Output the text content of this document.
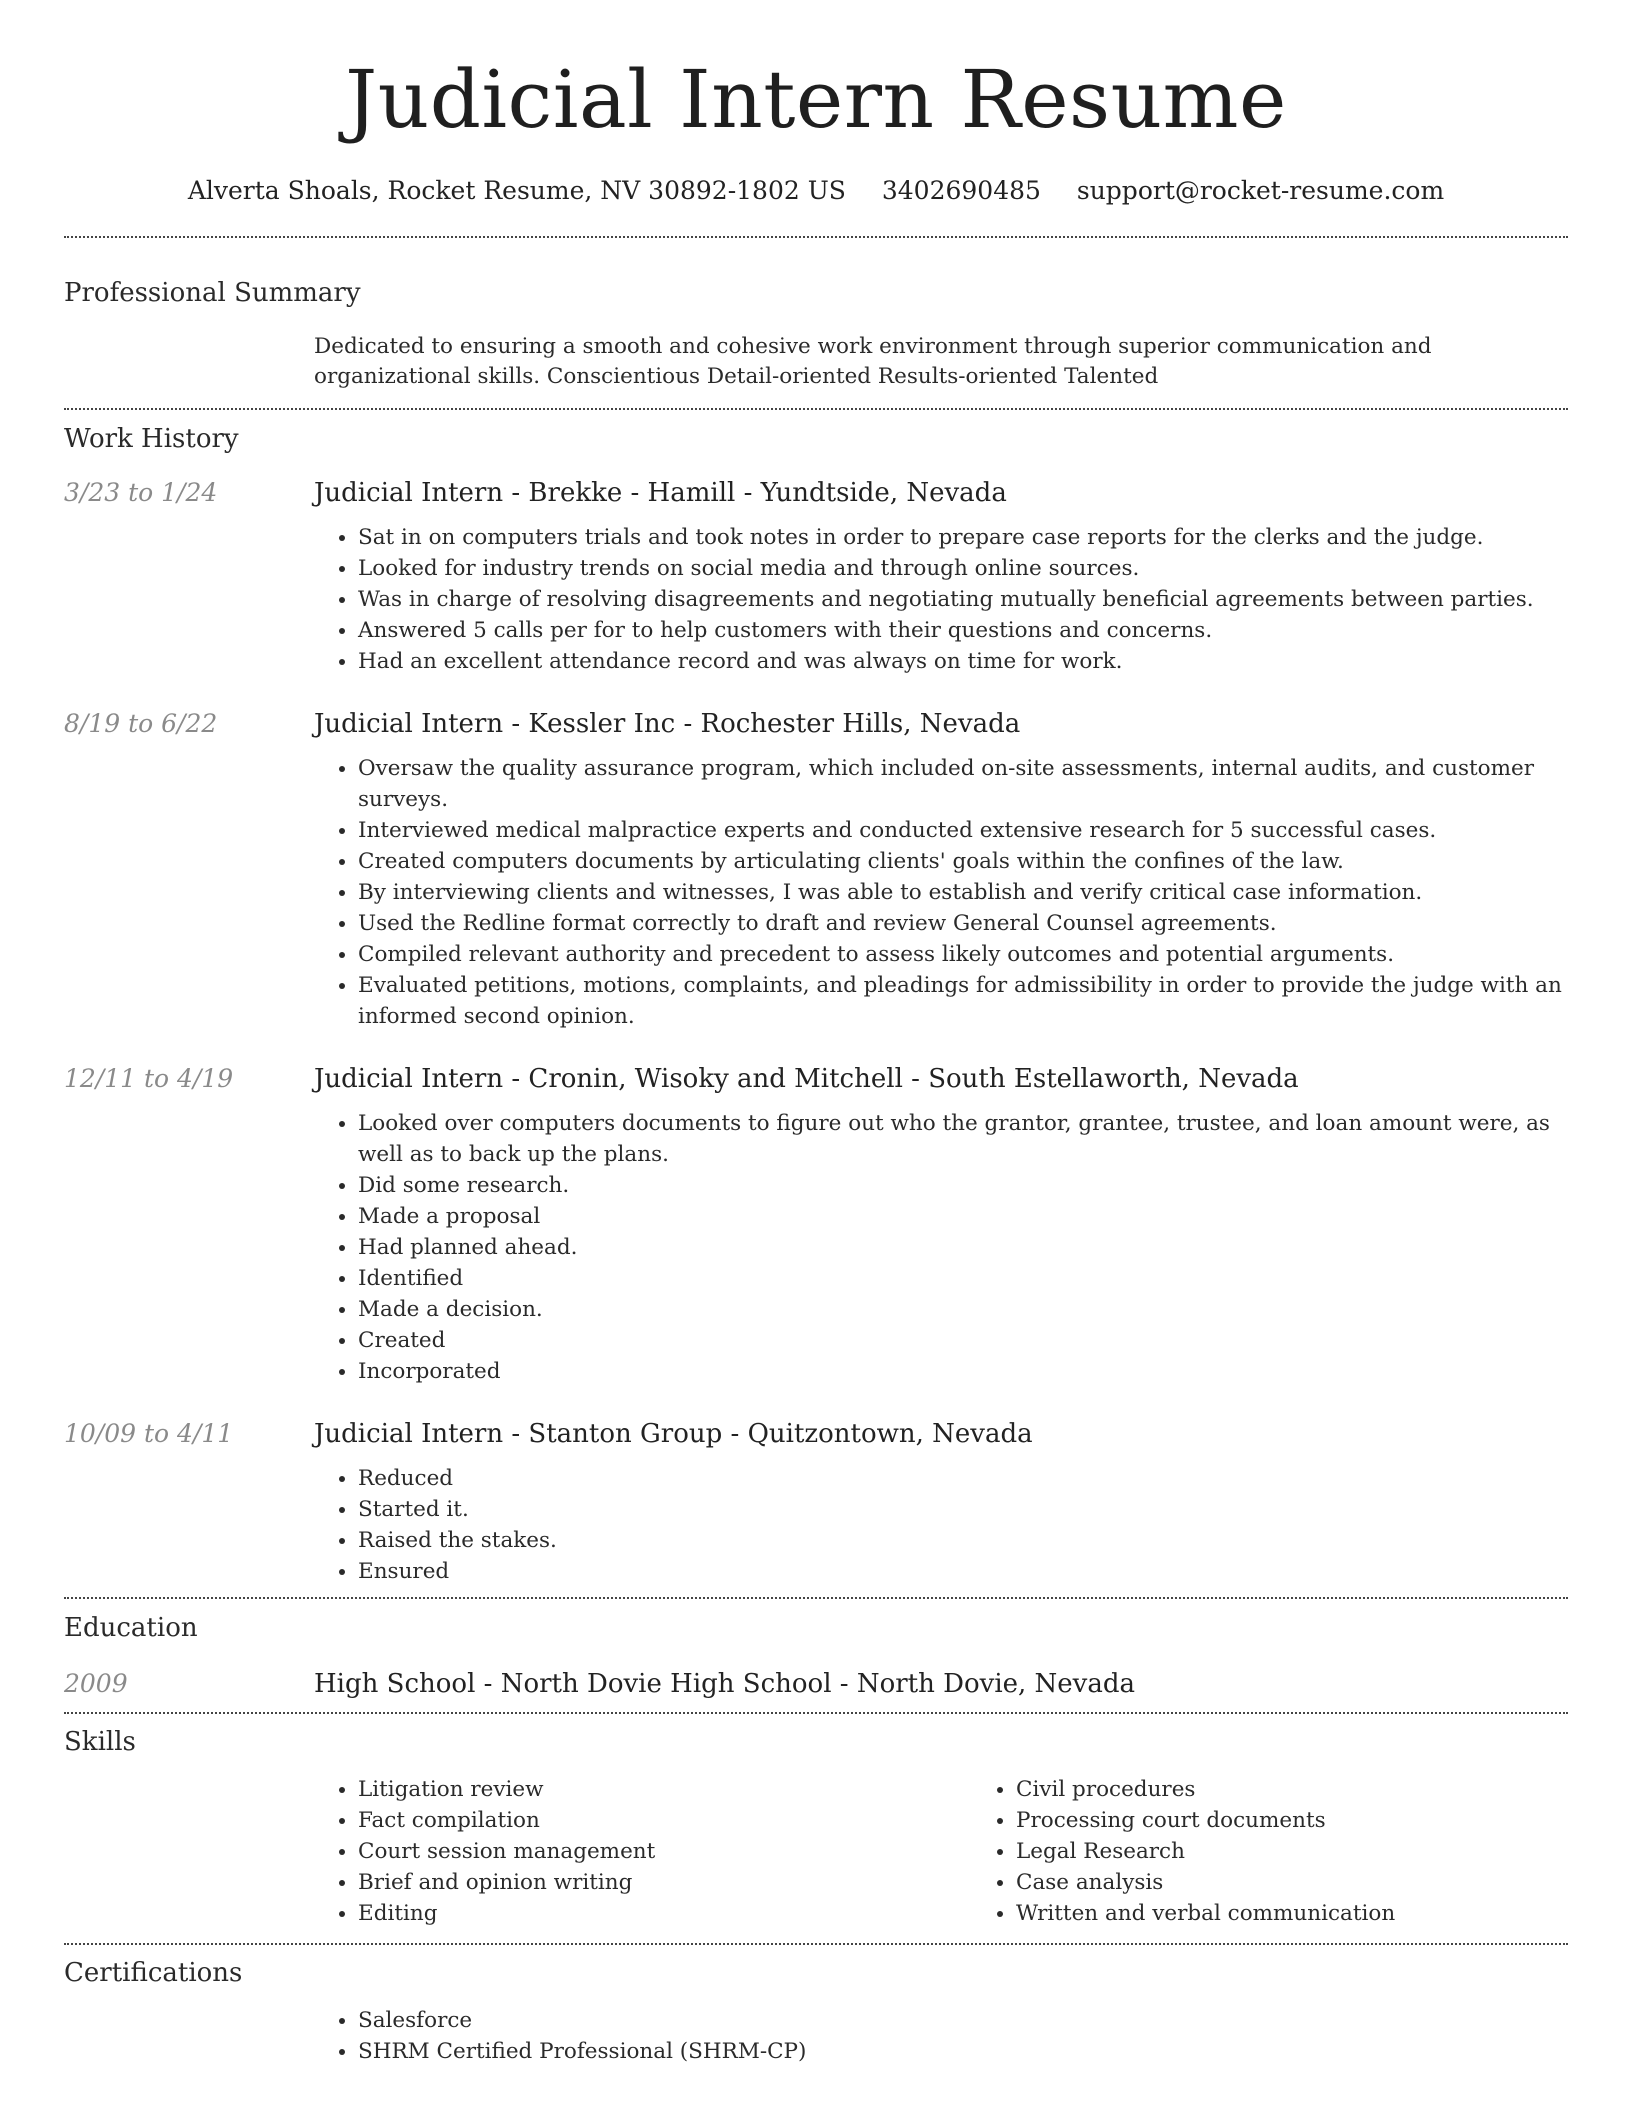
Judicial Intern Resume
Alverta Shoals, Rocket Resume, NV 30892-1802 US 3402690485 support@rocket-resume.com
Professional Summary

Dedicated to ensuring a smooth and cohesive work environment through superior communication and organizational skills. Conscientious Detail-oriented Results-oriented Talented

Work History
3/23 to 1/24	Judicial Intern - Brekke - Hamill - Yundtside, Nevada

• Sat in on computers trials and took notes in order to prepare case reports for the clerks and the judge.
• Looked for industry trends on social media and through online sources.
• Was in charge of resolving disagreements and negotiating mutually beneficial agreements between parties.
• Answered 5 calls per for to help customers with their questions and concerns.
• Had an excellent attendance record and was always on time for work.
8/19 to 6/22	Judicial Intern - Kessler Inc - Rochester Hills, Nevada

• Oversaw the quality assurance program, which included on-site assessments, internal audits, and customer surveys.
• Interviewed medical malpractice experts and conducted extensive research for 5 successful cases.
• Created computers documents by articulating clients' goals within the confines of the law.
• By interviewing clients and witnesses, I was able to establish and verify critical case information.
• Used the Redline format correctly to draft and review General Counsel agreements.
• Compiled relevant authority and precedent to assess likely outcomes and potential arguments.
• Evaluated petitions, motions, complaints, and pleadings for admissibility in order to provide the judge with an informed second opinion.
12/11 to 4/19	Judicial Intern - Cronin, Wisoky and Mitchell - South Estellaworth, Nevada

• Looked over computers documents to figure out who the grantor, grantee, trustee, and loan amount were, as well as to back up the plans.
• Did some research.
• Made a proposal
• Had planned ahead.
• Identified
• Made a decision.
• Created
• Incorporated
10/09 to 4/11	Judicial Intern - Stanton Group - Quitzontown, Nevada

• Reduced
• Started it.
• Raised the stakes.
• Ensured
Education
2009	High School - North Dovie High School - North Dovie, Nevada

Skills
• Litigation review
• Fact compilation
• Court session management
• Brief and opinion writing
• Editing
• Civil procedures
• Processing court documents
• Legal Research
• Case analysis
• Written and verbal communication
Certifications
• Salesforce
• SHRM Certified Professional (SHRM-CP)
